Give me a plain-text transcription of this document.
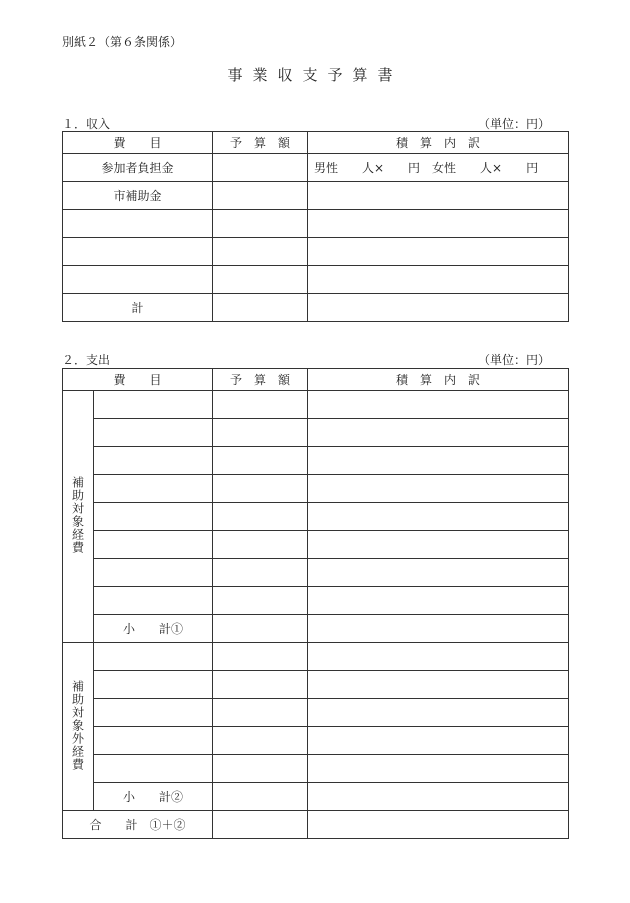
別紙２（第６条関係）
事業収支予算書
１．収入	（単位：円）
費　　目	予　算　額	積　算　内　訳
参加者負担金		男性　　人×　　円　女性　　人×　　円
市補助金		

計		
２．支出	（単位：円）
費　　目		予　算　額	積　算　内　訳
補助対象経費			

	小　　計①		
補助対象外経費			

	小　　計②		
合　　計　①＋②			
